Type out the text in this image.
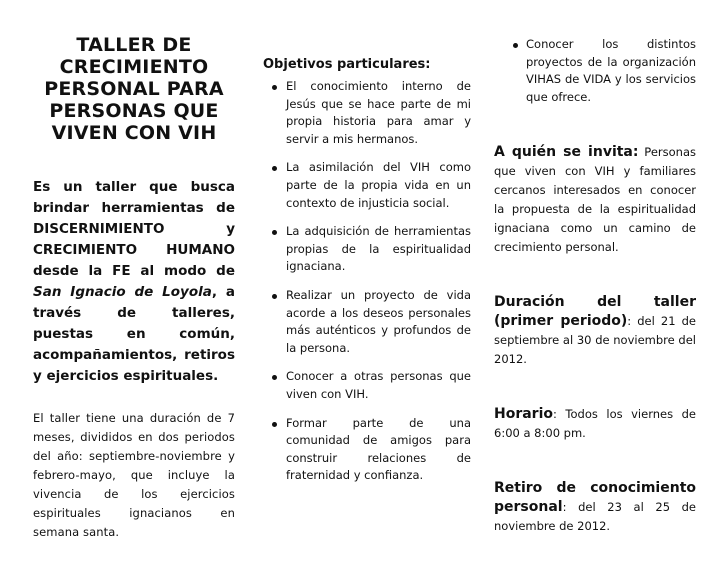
TALLER DE CRECIMIENTO PERSONAL PARA PERSONAS QUE VIVEN CON VIH
Es un taller que busca brindar herramientas de DISCERNIMIENTO y CRECIMIENTO HUMANO desde la FE al modo de San Ignacio de Loyola, a través de talleres, puestas en común, acompañamientos, retiros y ejercicios espirituales.
El taller tiene una duración de 7 meses, divididos en dos periodos del año: septiembre-noviembre y febrero-mayo, que incluye la vivencia de los ejercicios espirituales ignacianos en semana santa.
Objetivos particulares:
El conocimiento interno de Jesús que se hace parte de mi propia historia para amar y servir a mis hermanos.
La asimilación del VIH como parte de la propia vida en un contexto de injusticia social.
La adquisición de herramientas propias de la espiritualidad ignaciana.
Realizar un proyecto de vida acorde a los deseos personales más auténticos y profundos de la persona.
Conocer a otras personas que viven con VIH.
Formar parte de una comunidad de amigos para construir relaciones de fraternidad y confianza.
Conocer los distintos proyectos de la organización VIHAS de VIDA y los servicios que ofrece.
A quién se invita: Personas que viven con VIH y familiares cercanos interesados en conocer la propuesta de la espiritualidad ignaciana como un camino de crecimiento personal.
Duración del taller (primer periodo): del 21 de septiembre al 30 de noviembre del 2012.
Horario: Todos los viernes de 6:00 a 8:00 pm.
Retiro de conocimiento personal: del 23 al 25 de noviembre de 2012.
